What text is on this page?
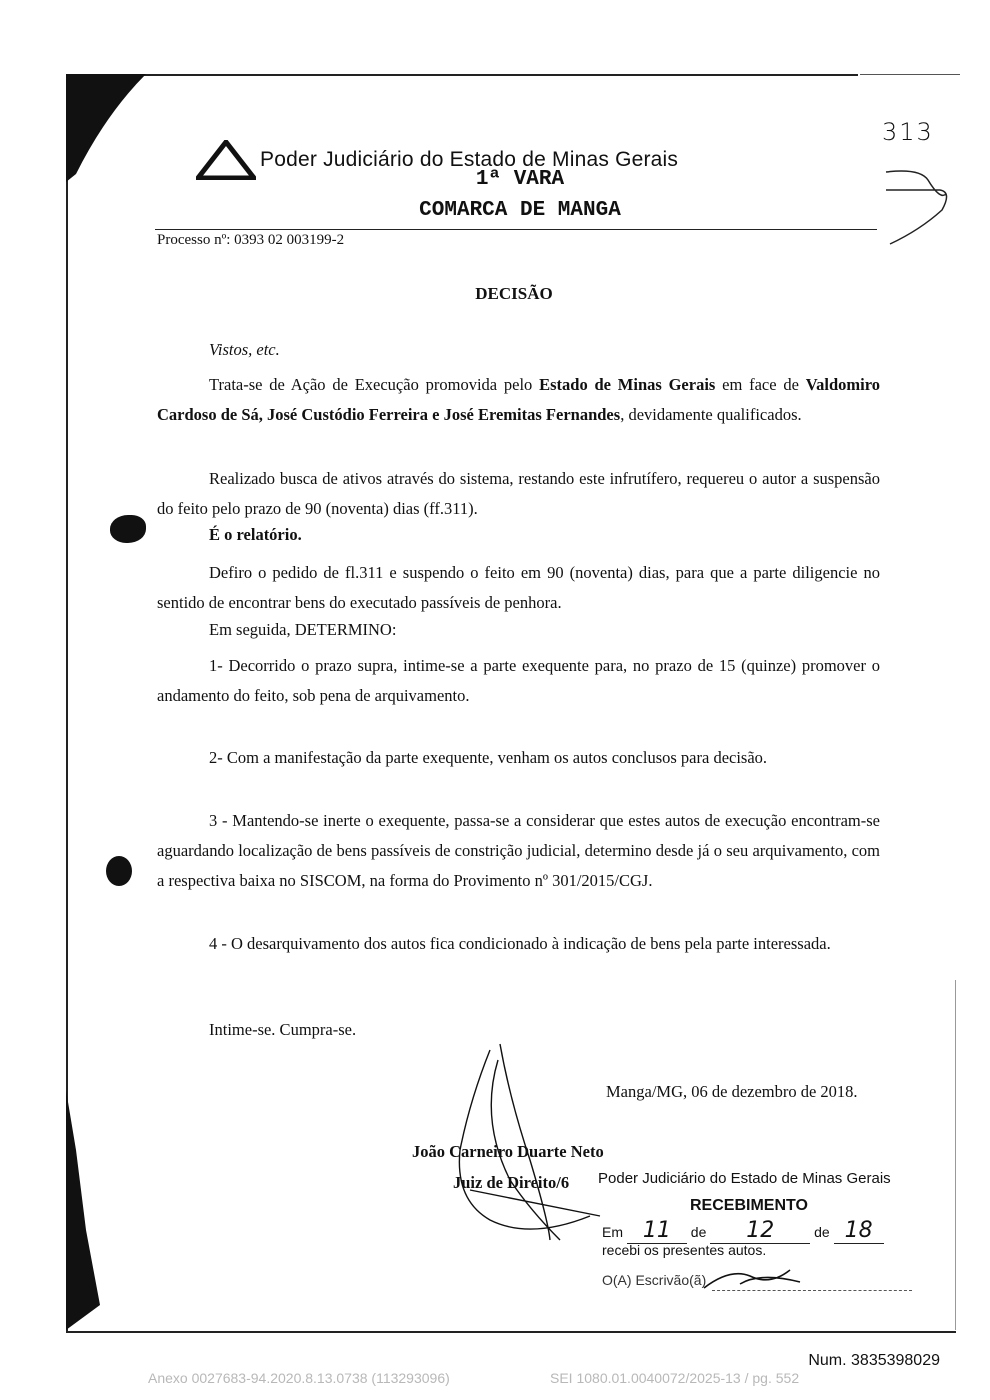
Poder Judiciário do Estado de Minas Gerais
1ª VARA
COMARCA DE MANGA
Processo nº: 0393 02 003199-2
313
DECISÃO
Vistos, etc.
Trata-se de Ação de Execução promovida pelo Estado de Minas Gerais em face de Valdomiro Cardoso de Sá, José Custódio Ferreira e José Eremitas Fernandes, devidamente qualificados.
Realizado busca de ativos através do sistema, restando este infrutífero, requereu o autor a suspensão do feito pelo prazo de 90 (noventa) dias (ff.311).
É o relatório.
Defiro o pedido de fl.311 e suspendo o feito em 90 (noventa) dias, para que a parte diligencie no sentido de encontrar bens do executado passíveis de penhora.
Em seguida, DETERMINO:
1- Decorrido o prazo supra, intime-se a parte exequente para, no prazo de 15 (quinze) promover o andamento do feito, sob pena de arquivamento.
2- Com a manifestação da parte exequente, venham os autos conclusos para decisão.
3 - Mantendo-se inerte o exequente, passa-se a considerar que estes autos de execução encontram-se aguardando localização de bens passíveis de constrição judicial, determino desde já o seu arquivamento, com a respectiva baixa no SISCOM, na forma do Provimento nº 301/2015/CGJ.
4 - O desarquivamento dos autos fica condicionado à indicação de bens pela parte interessada.
Intime-se. Cumpra-se.
Manga/MG, 06 de dezembro de 2018.
João Carneiro Duarte Neto
Juiz de Direito/6 Poder Judiciário do Estado de Minas Gerais
RECEBIMENTO
Em 11 de 12	de 18
recebi os presentes autos.
O(A) Escrivão(ã)
Num. 3835398029
Anexo 0027683-94.2020.8.13.0738 (113293096)	SEI 1080.01.0040072/2025-13 / pg. 552
